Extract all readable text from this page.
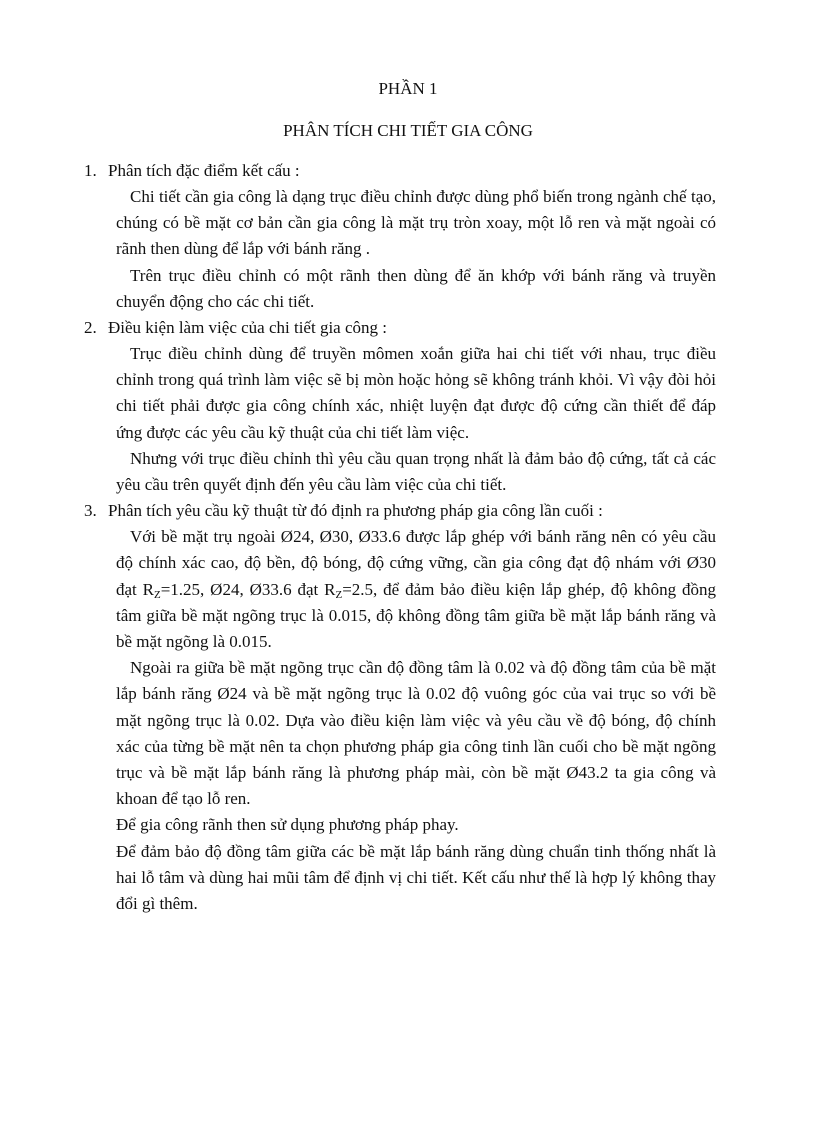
PHẦN 1
PHÂN TÍCH CHI TIẾT GIA CÔNG
1. Phân tích đặc điểm kết cấu :

Chi tiết cần gia công là dạng trục điều chỉnh được dùng phổ biến trong ngành chế tạo, chúng có bề mặt cơ bản cần gia công là mặt trụ tròn xoay, một lỗ ren và mặt ngoài có rãnh then dùng để lắp với bánh răng .

Trên trục điều chỉnh có một rãnh then dùng để ăn khớp với bánh răng và truyền chuyển động cho các chi tiết.

2. Điều kiện làm việc của chi tiết gia công :

Trục điều chỉnh dùng để truyền mômen xoắn giữa hai chi tiết với nhau, trục điều chỉnh trong quá trình làm việc sẽ bị mòn hoặc hỏng sẽ không tránh khỏi. Vì vậy đòi hỏi chi tiết phải được gia công chính xác, nhiệt luyện đạt được độ cứng cần thiết để đáp ứng được các yêu cầu kỹ thuật của chi tiết làm việc.

Nhưng với trục điều chỉnh thì yêu cầu quan trọng nhất là đảm bảo độ cứng, tất cả các yêu cầu trên quyết định đến yêu cầu làm việc của chi tiết.

3. Phân tích yêu cầu kỹ thuật từ đó định ra phương pháp gia công lần cuối :

Với bề mặt trụ ngoài Ø24, Ø30, Ø33.6 được lắp ghép với bánh răng nên có yêu cầu độ chính xác cao, độ bền, độ bóng, độ cứng vững, cần gia công đạt độ nhám với Ø30 đạt $R_Z=1.25$, Ø24, Ø33.6 đạt $R_Z=2.5$, để đảm bảo điều kiện lắp ghép, độ không đồng tâm giữa bề mặt ngõng trục là 0.015, độ không đồng tâm giữa bề mặt lắp bánh răng và bề mặt ngõng là 0.015.

Ngoài ra giữa bề mặt ngõng trục cần độ đồng tâm là 0.02 và độ đồng tâm của bề mặt lắp bánh răng Ø24 và bề mặt ngõng trục là 0.02 độ vuông góc của vai trục so với bề mặt ngõng trục là 0.02. Dựa vào điều kiện làm việc và yêu cầu về độ bóng, độ chính xác của từng bề mặt nên ta chọn phương pháp gia công tinh lần cuối cho bề mặt ngõng trục và bề mặt lắp bánh răng là phương pháp mài, còn bề mặt Ø43.2 ta gia công và khoan để tạo lỗ ren.

Để gia công rãnh then sử dụng phương pháp phay.

Để đảm bảo độ đồng tâm giữa các bề mặt lắp bánh răng dùng chuẩn tinh thống nhất là hai lỗ tâm và dùng hai mũi tâm để định vị chi tiết. Kết cấu như thế là hợp lý không thay đổi gì thêm.
